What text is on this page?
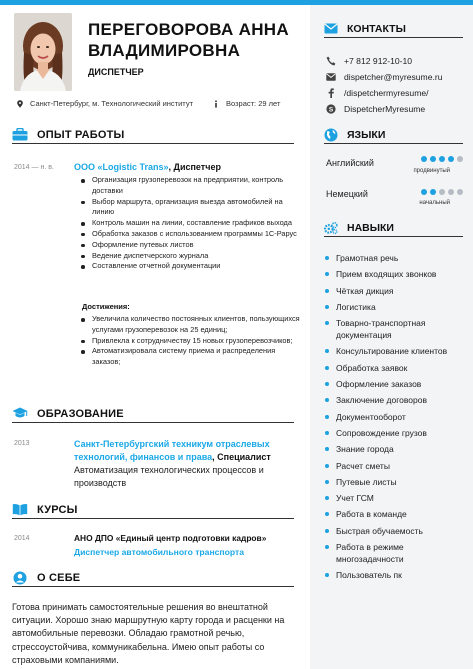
ПЕРЕГОВОРОВА АННА
ВЛАДИМИРОВНА
ДИСПЕТЧЕР
Санкт-Петербург, м. Технологический институт	Возраст: 29 лет
ОПЫТ РАБОТЫ
2014 — н. в. ООО «Logistic Trans», Диспетчер
Организация грузоперевозок на предприятии, контроль доставки
Выбор маршрута, организация выезда автомобилей на линию
Контроль машин на линии, составление графиков выхода
Обработка заказов с использованием программы 1С-Рарус
Оформление путевых листов
Ведение диспетчерского журнала
Составление отчетной документации
Достижения:
Увеличила количество постоянных клиентов, пользующихся услугами грузоперевозок на 25 единиц;
Привлекла к сотрудничеству 15 новых грузоперевозчиков;
Автоматизировала систему приема и распределения заказов;
ОБРАЗОВАНИЕ
2013	Санкт-Петербургский техникум отраслевых технологий, финансов и права, Специалист
Автоматизация технологических процессов и производств
КУРСЫ
2014	АНО ДПО «Единый центр подготовки кадров»
Диспетчер автомобильного транспорта
О СЕБЕ
Готова принимать самостоятельные решения во внештатной ситуации. Хорошо знаю маршрутную карту города и расценки на автомобильные перевозки. Обладаю грамотной речью, стрессоустойчива, коммуникабельна. Имею опыт работы со страховыми компаниями.
КОНТАКТЫ
+7 812 912-10-10
dispetcher@myresume.ru
/dispetchermyresume/
S DispetcherMyresume
ЯЗЫКИ
Английский
продвинутый
Немецкий
начальный
НАВЫКИ
Грамотная речь
Прием входящих звонков
Чёткая дикция
Логистика
Товарно-транспортная документация
Консультирование клиентов
Обработка заявок
Оформление заказов
Заключение договоров
Документооборот
Сопровождение грузов
Знание города
Расчет сметы
Путевые листы
Учет ГСМ
Работа в команде
Быстрая обучаемость
Работа в режиме многозадачности
Пользователь пк
